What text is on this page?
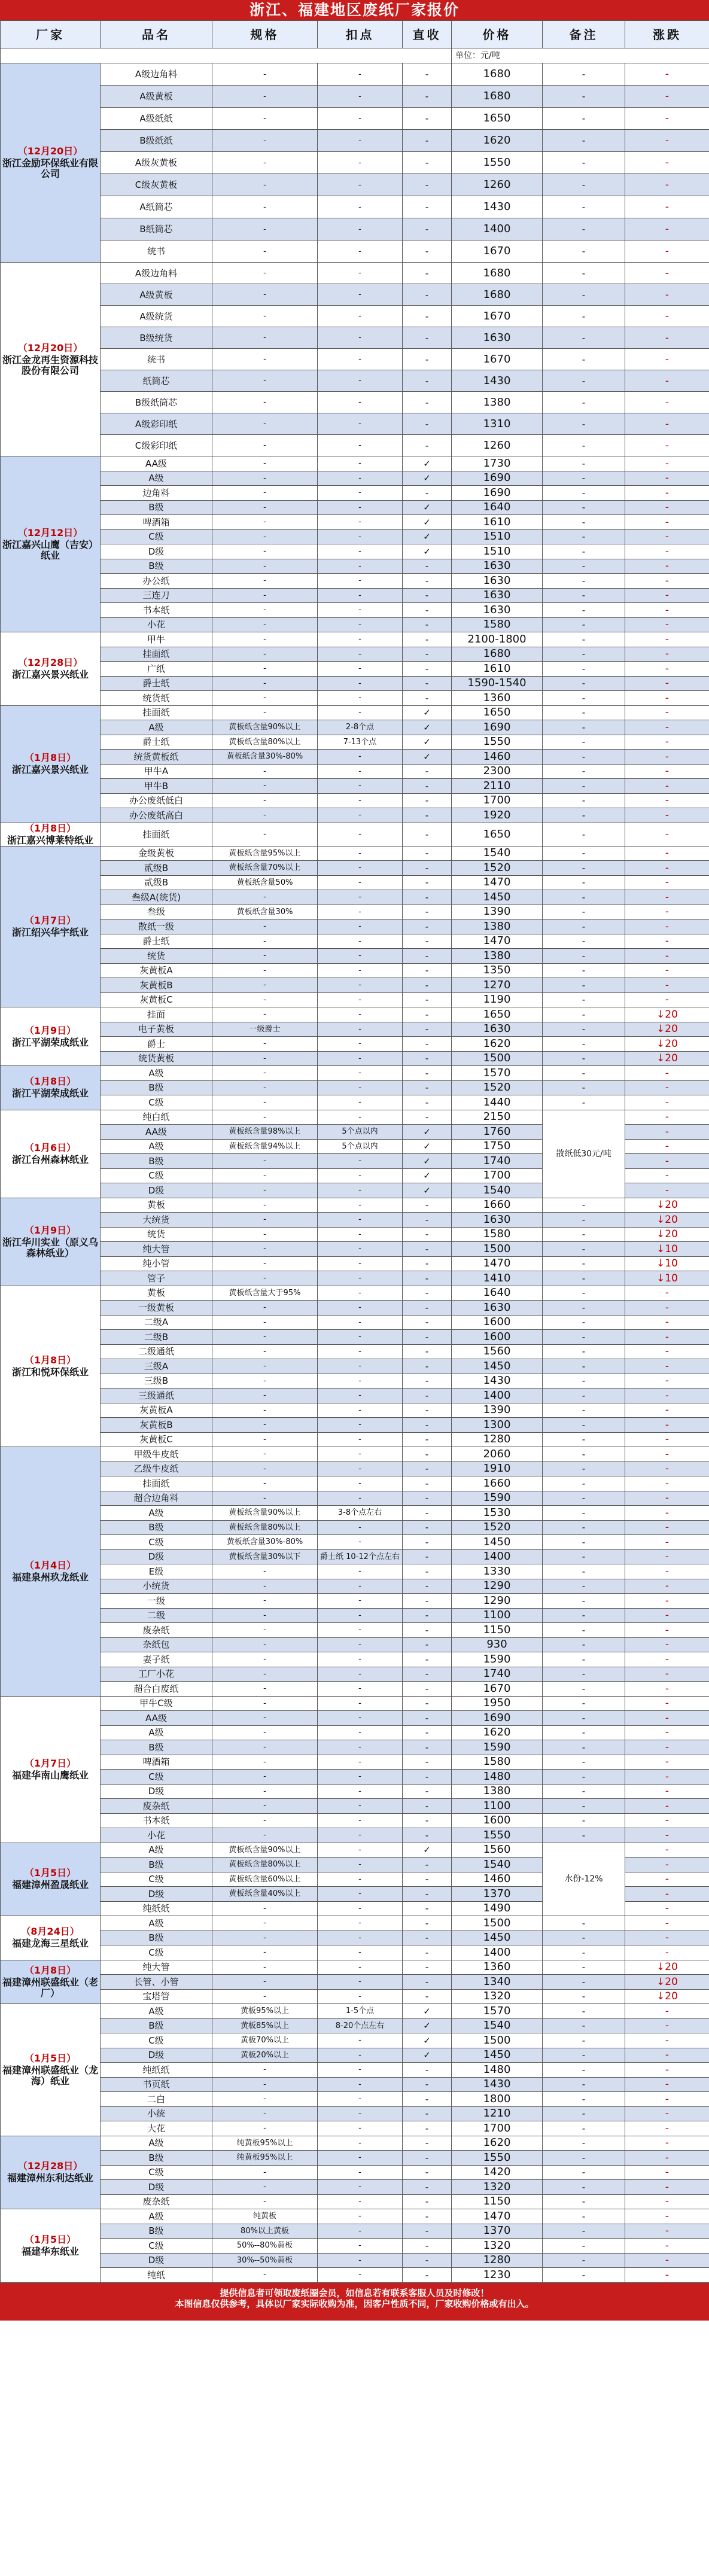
浙江、福建地区废纸厂家报价
厂家	品名	规格	扣点	直收	价格	备注	涨跌
					单位：元/吨		

（12月20日）
浙江金励环保纸业有限公司	A级边角料	-	-	-	1680	-	-
	A级黄板	-	-	-	1680	-	-
	A级纸纸	-	-	-	1650	-	-
	B级纸纸	-	-	-	1620	-	-
	A级灰黄板	-	-	-	1550	-	-
	C级灰黄板	-	-	-	1260	-	-
	A纸筒芯	-	-	-	1430	-	-
	B纸筒芯	-	-	-	1400	-	-
	统书	-	-	-	1670	-	-

（12月20日）
浙江金龙再生资源科技股份有限公司	A级边角料	-	-	-	1680	-	-
	A级黄板	-	-	-	1680	-	-
	A级统货	-	-	-	1670	-	-
	B级统货	-	-	-	1630	-	-
	统书	-	-	-	1670	-	-
	纸筒芯	-	-	-	1430	-	-
	B级纸筒芯	-	-	-	1380	-	-
	A级彩印纸	-	-	-	1310	-	-
	C级彩印纸	-	-	-	1260	-	-

（12月12日）
浙江嘉兴山鹰（吉安）纸业	AA级	-	-	✓	1730	-	-
	A级	-	-	✓	1690	-	-
	边角料	-	-	-	1690	-	-
	B级	-	-	✓	1640	-	-
	啤酒箱	-	-	✓	1610	-	-
	C级	-	-	✓	1510	-	-
	D级	-	-	✓	1510	-	-
	B级	-	-	-	1630	-	-
	办公纸	-	-	-	1630	-	-
	三连刀	-	-	-	1630	-	-
	书本纸	-	-	-	1630	-	-
	小花	-	-	-	1580	-	-

（12月28日）
浙江嘉兴景兴纸业	甲牛	-	-	-	2100-1800	-	-
	挂面纸	-	-	-	1680	-	-
	广纸	-	-	-	1610	-	-
	爵士纸	-	-	-	1590-1540	-	-
	统货纸	-	-	-	1360	-	-

（1月8日）
浙江嘉兴景兴纸业	挂面纸	-	-	✓	1650	-	-
	A级	黄板纸含量90%以上	2-8个点	✓	1690	-	-
	爵士纸	黄板纸含量80%以上	7-13个点	✓	1550	-	-
	统货黄板纸	黄板纸含量30%-80%	-	✓	1460	-	-
	甲牛A	-	-	-	2300	-	-
	甲牛B	-	-	-	2110	-	-
	办公废纸低白	-	-	-	1700	-	-
	办公废纸高白	-	-	-	1920	-	-

（1月8日）
浙江嘉兴博莱特纸业	挂面纸	-	-	-	1650	-	-

（1月7日）
浙江绍兴华宇纸业	金级黄板	黄板纸含量95%以上	-	-	1540	-	-
	贰级B	黄板纸含量70%以上	-	-	1520	-	-
	贰级B	黄板纸含量50%	-	-	1470	-	-
	叁级A(统货)	-	-	-	1450	-	-
	叁级	黄板纸含量30%	-	-	1390	-	-
	散纸一级	-	-	-	1380	-	-
	爵士纸	-	-	-	1470	-	-
	统货	-	-	-	1380	-	-
	灰黄板A	-	-	-	1350	-	-
	灰黄板B	-	-	-	1270	-	-
	灰黄板C	-	-	-	1190	-	-

（1月9日）
浙江平湖荣成纸业	挂面	-	-	-	1650	-	↓20
	电子黄板	一级爵士	-	-	1630	-	↓20
	爵士	-	-	-	1620	-	↓20
	统货黄板	-	-	-	1500	-	↓20

（1月8日）
浙江平湖荣成纸业	A级	-	-	-	1570	-	-
	B级	-	-	-	1520	-	-
	C级	-	-	-	1440	-	-

（1月6日）
浙江台州森林纸业	纯白纸	-	-	-	2150	散纸低30元/吨	-
	AA级	黄板纸含量98%以上	5个点以内	✓	1760		-
	A级	黄板纸含量94%以上	5个点以内	✓	1750		-
	B级	-	-	✓	1740		-
	C级	-	-	✓	1700		-
	D级	-	-	✓	1540		-

（1月9日）
浙江华川实业（原义乌森林纸业）	黄板	-	-	-	1660	-	↓20
	大统货	-	-	-	1630	-	↓20
	统货	-	-	-	1580	-	↓20
	纯大管	-	-	-	1500	-	↓10
	纯小管	-	-	-	1470	-	↓10
	管子	-	-	-	1410	-	↓10

（1月8日）
浙江和悦环保纸业	黄板	黄板纸含量大于95%	-	-	1640	-	-
	一级黄板	-	-	-	1630	-	-
	二级A	-	-	-	1600	-	-
	二级B	-	-	-	1600	-	-
	二级通纸	-	-	-	1560	-	-
	三级A	-	-	-	1450	-	-
	三级B	-	-	-	1430	-	-
	三级通纸	-	-	-	1400	-	-
	灰黄板A	-	-	-	1390	-	-
	灰黄板B	-	-	-	1300	-	-
	灰黄板C	-	-	-	1280	-	-

（1月4日）
福建泉州玖龙纸业	甲级牛皮纸	-	-	-	2060	-	-
	乙级牛皮纸	-	-	-	1910	-	-
	挂面纸	-	-	-	1660	-	-
	超合边角料	-	-	-	1590	-	-
	A级	黄板纸含量90%以上	3-8个点左右	-	1530	-	-
	B级	黄板纸含量80%以上	-	-	1520	-	-
	C级	黄板纸含量30%-80%	-	-	1450	-	-
	D级	黄板纸含量30%以下	爵士纸 10-12个点左右	-	1400	-	-
	E级	-	-	-	1330	-	-
	小统货	-	-	-	1290	-	-
	一级	-	-	-	1290	-	-
	二级	-	-	-	1100	-	-
	废杂纸	-	-	-	1150	-	-
	杂纸包	-	-	-	930	-	-
	妻子纸	-	-	-	1590	-	-
	工厂小花	-	-	-	1740	-	-
	超合白废纸	-	-	-	1670	-	-

（1月7日）
福建华南山鹰纸业	甲牛C级	-	-	-	1950	-	-
	AA级	-	-	-	1690	-	-
	A级	-	-	-	1620	-	-
	B级	-	-	-	1590	-	-
	啤酒箱	-	-	-	1580	-	-
	C级	-	-	-	1480	-	-
	D级	-	-	-	1380	-	-
	废杂纸	-	-	-	1100	-	-
	书本纸	-	-	-	1600	-	-
	小花	-	-	-	1550	-	-

（1月5日）
福建漳州盈晟纸业	A级	黄板纸含量90%以上	-	✓	1560	水份-12%	-
	B级	黄板纸含量80%以上	-	-	1540		-
	C级	黄板纸含量60%以上	-	-	1460		-
	D级	黄板纸含量40%以上	-	-	1370		-
	纯纸纸	-	-	-	1490		-

（8月24日）
福建龙海三星纸业	A级	-	-	-	1500	-	-
	B级	-	-	-	1450	-	-
	C级	-	-	-	1400	-	-

（1月8日）
福建漳州联盛纸业（老厂）	纯大管	-	-	-	1360	-	↓20
	长管、小管	-	-	-	1340	-	↓20
	宝塔管	-	-	-	1320	-	↓20

（1月5日）
福建漳州联盛纸业（龙海）纸业	A级	黄板95%以上	1-5个点	✓	1570	-	-
	B级	黄板85%以上	8-20个点左右	✓	1540	-	-
	C级	黄板70%以上	-	✓	1500	-	-
	D级	黄板20%以上	-	✓	1450	-	-
	纯纸纸	-	-	-	1480	-	-
	书页纸	-	-	-	1430	-	-
	二白	-	-	-	1800	-	-
	小统	-	-	-	1210	-	-
	大花	-	-	-	1700	-	-

（12月28日）
福建漳州东利达纸业	A级	纯黄板95%以上	-	-	1620	-	-
	B级	纯黄板95%以上	-	-	1550	-	-
	C级	-	-	-	1420	-	-
	D级	-	-	-	1320	-	-
	废杂纸	-	-	-	1150	-	-

（1月5日）
福建华东纸业	A级	纯黄板	-	-	1470	-	-
	B级	80%以上黄板	-	-	1370	-	-
	C级	50%--80%黄板	-	-	1320	-	-
	D级	30%--50%黄板	-	-	1280	-	-
	纯纸	-	-	-	1230	-	-
提供信息者可领取废纸圈会员，如信息若有联系客服人员及时修改！
本图信息仅供参考，具体以厂家实际收购为准，因客户性质不同，厂家收购价格或有出入。
